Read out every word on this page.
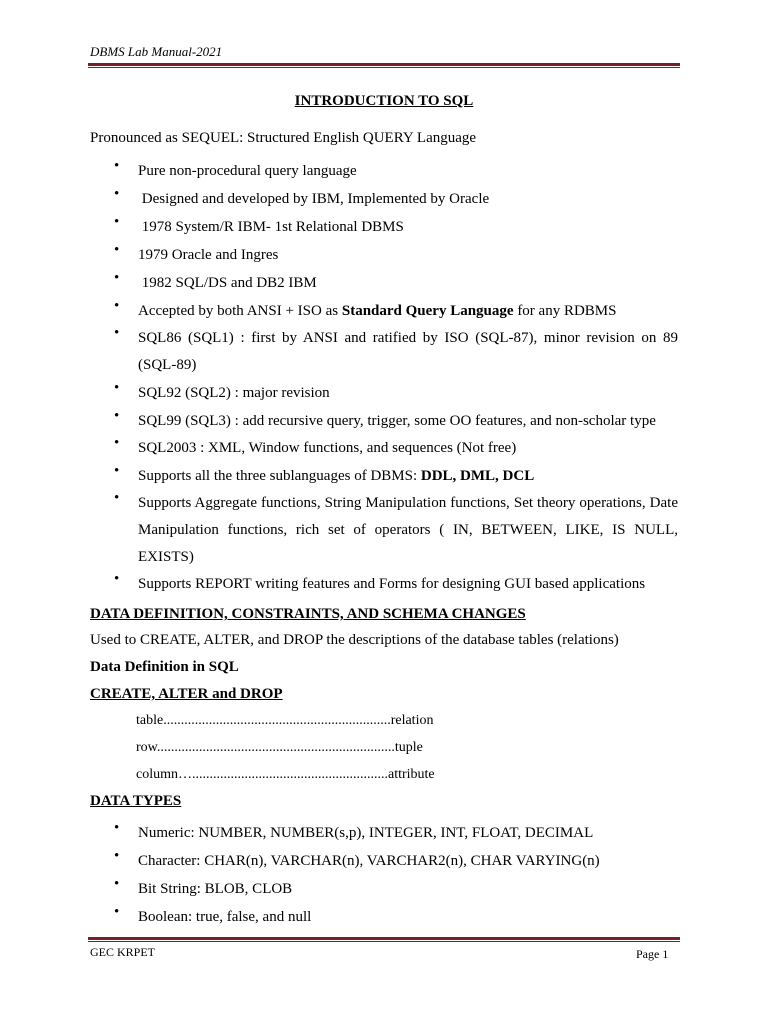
DBMS Lab Manual-2021
INTRODUCTION TO SQL
Pronounced as SEQUEL: Structured English QUERY Language
• Pure non-procedural query language
• Designed and developed by IBM, Implemented by Oracle
• 1978 System/R IBM- 1st Relational DBMS
• 1979 Oracle and Ingres
• 1982 SQL/DS and DB2 IBM
• Accepted by both ANSI + ISO as Standard Query Language for any RDBMS
• SQL86 (SQL1) : first by ANSI and ratified by ISO (SQL-87), minor revision on 89 (SQL-89)
• SQL92 (SQL2) : major revision
• SQL99 (SQL3) : add recursive query, trigger, some OO features, and non-scholar type
• SQL2003 : XML, Window functions, and sequences (Not free)
• Supports all the three sublanguages of DBMS: DDL, DML, DCL
• Supports Aggregate functions, String Manipulation functions, Set theory operations, Date Manipulation functions, rich set of operators ( IN, BETWEEN, LIKE, IS NULL, EXISTS)
• Supports REPORT writing features and Forms for designing GUI based applications
DATA DEFINITION, CONSTRAINTS, AND SCHEMA CHANGES
Used to CREATE, ALTER, and DROP the descriptions of the database tables (relations)
Data Definition in SQL
CREATE, ALTER and DROP
table.................................................................relation
row....................................................................tuple
column…........................................................attribute
DATA TYPES
• Numeric: NUMBER, NUMBER(s,p), INTEGER, INT, FLOAT, DECIMAL
• Character: CHAR(n), VARCHAR(n), VARCHAR2(n), CHAR VARYING(n)
• Bit String: BLOB, CLOB
• Boolean: true, false, and null
GEC KRPET	Page 1
